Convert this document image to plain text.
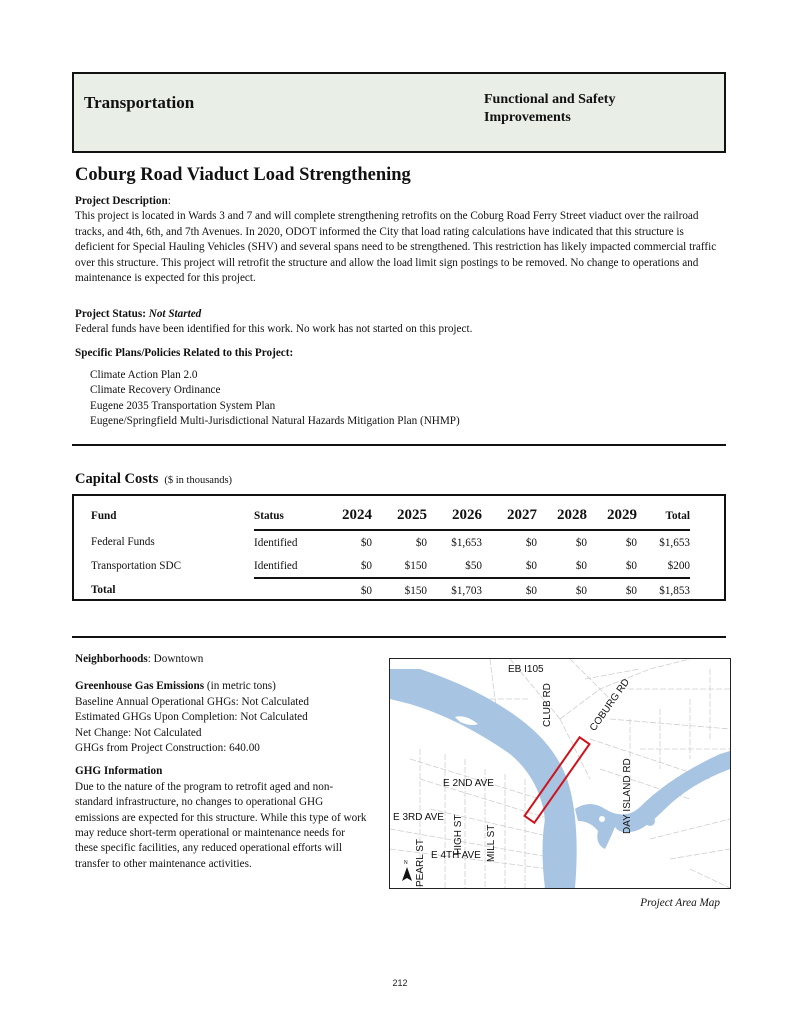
Transportation	Functional and Safety Improvements
Coburg Road Viaduct Load Strengthening
Project Description:
This project is located in Wards 3 and 7 and will complete strengthening retrofits on the Coburg Road Ferry Street viaduct over the railroad tracks, and 4th, 6th, and 7th Avenues. In 2020, ODOT informed the City that load rating calculations have indicated that this structure is deficient for Special Hauling Vehicles (SHV) and several spans need to be strengthened. This restriction has likely impacted commercial traffic over this structure. This project will retrofit the structure and allow the load limit sign postings to be removed. No change to operations and maintenance is expected for this project.
Project Status: Not Started
Federal funds have been identified for this work. No work has not started on this project.
Specific Plans/Policies Related to this Project:
Climate Action Plan 2.0
Climate Recovery Ordinance
Eugene 2035 Transportation System Plan
Eugene/Springfield Multi-Jurisdictional Natural Hazards Mitigation Plan (NHMP)
Capital Costs ($ in thousands)
Fund	Status	2024	2025	2026	2027	2028	2029	Total
Federal Funds	Identified	$0	$0	$1,653	$0	$0	$0	$1,653
Transportation SDC	Identified	$0	$150	$50	$0	$0	$0	$200
Total		$0	$150	$1,703	$0	$0	$0	$1,853

Neighborhoods: Downtown

Greenhouse Gas Emissions (in metric tons)

Baseline Annual Operational GHGs: Not Calculated

Estimated GHGs Upon Completion: Not Calculated

Net Change: Not Calculated

GHGs from Project Construction: 640.00

GHG Information

Due to the nature of the program to retrofit aged and non-standard infrastructure, no changes to operational GHG emissions are expected for this structure. While this type of work may reduce short-term operational or maintenance needs for these specific facilities, any reduced operational efforts will transfer to other maintenance activities.

EB I105
CLUB RD	COBURG RD
DAY ISLAND RD
E 2ND AVE
E 3RD AVE
E 4TH AVE
HIGH ST MILL ST
PEARL ST
N
Project Area Map
212
